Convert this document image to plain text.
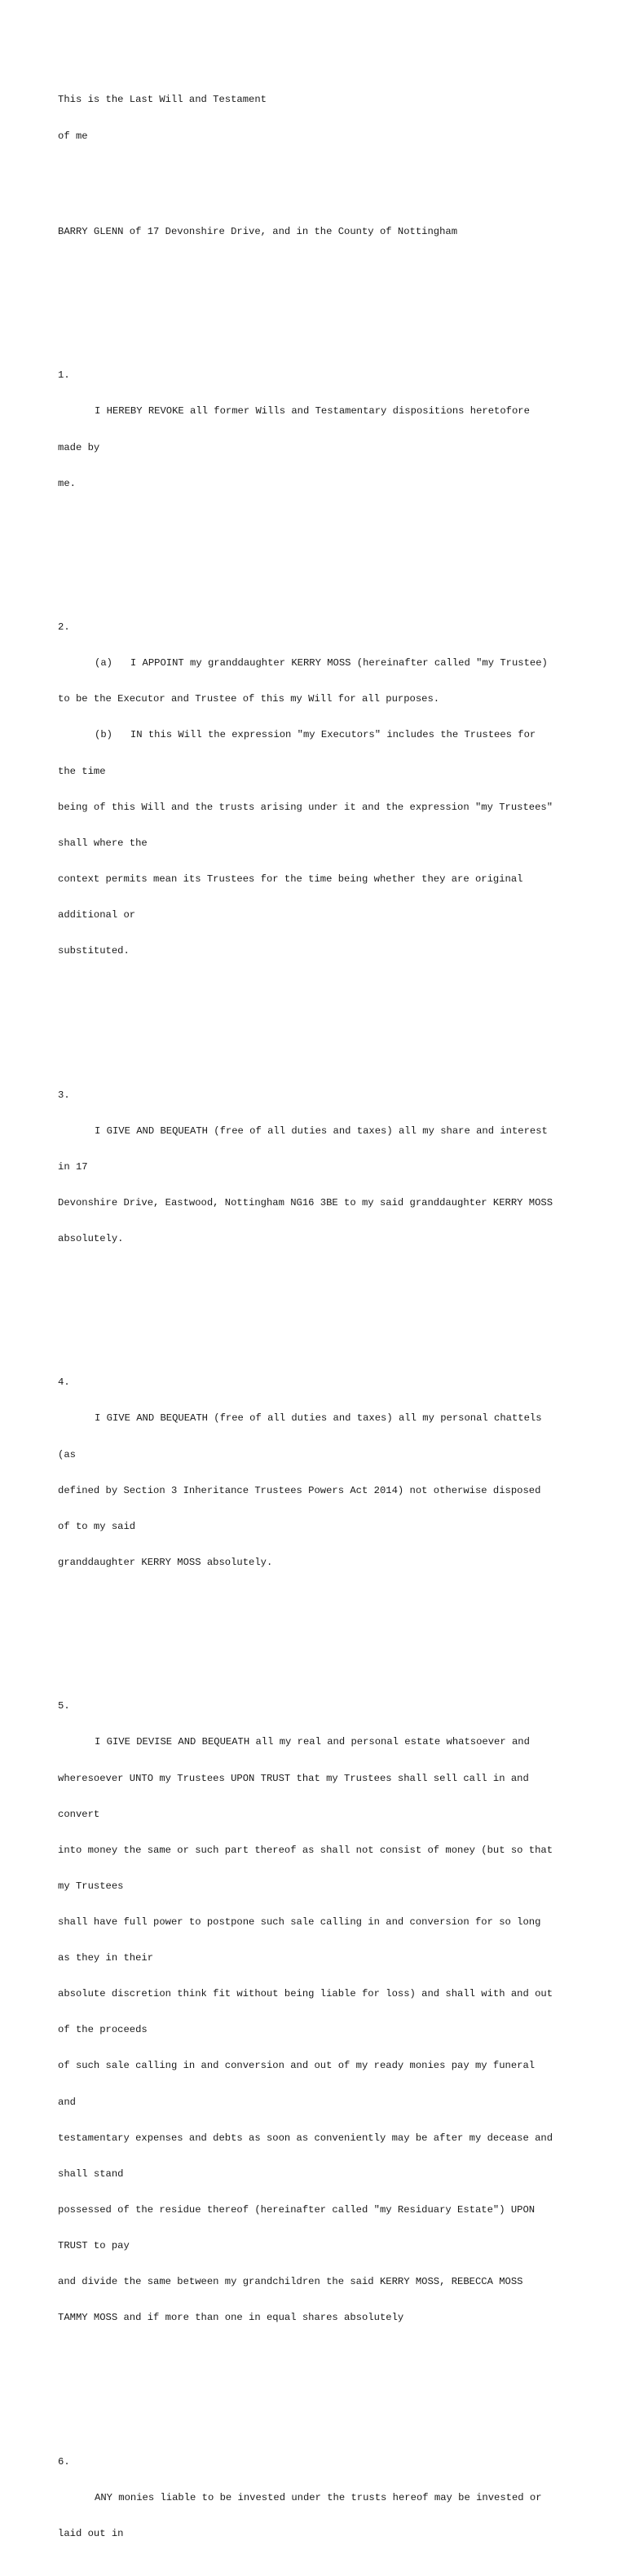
This is the Last Will and Testament

of me

BARRY GLENN of 17 Devonshire Drive, and in the County of Nottingham

1.

I HEREBY REVOKE all former Wills and Testamentary dispositions heretofore

made by

me.

2.

(a)   I APPOINT my granddaughter KERRY MOSS (hereinafter called "my Trustee)

to be the Executor and Trustee of this my Will for all purposes.

(b)   IN this Will the expression "my Executors" includes the Trustees for

the time

being of this Will and the trusts arising under it and the expression "my Trustees"

shall where the

context permits mean its Trustees for the time being whether they are original

additional or

substituted.

3.

I GIVE AND BEQUEATH (free of all duties and taxes) all my share and interest

in 17

Devonshire Drive, Eastwood, Nottingham NG16 3BE to my said granddaughter KERRY MOSS

absolutely.

4.

I GIVE AND BEQUEATH (free of all duties and taxes) all my personal chattels

(as

defined by Section 3 Inheritance Trustees Powers Act 2014) not otherwise disposed

of to my said

granddaughter KERRY MOSS absolutely.

5.

I GIVE DEVISE AND BEQUEATH all my real and personal estate whatsoever and

wheresoever UNTO my Trustees UPON TRUST that my Trustees shall sell call in and

convert

into money the same or such part thereof as shall not consist of money (but so that

my Trustees

shall have full power to postpone such sale calling in and conversion for so long

as they in their

absolute discretion think fit without being liable for loss) and shall with and out

of the proceeds

of such sale calling in and conversion and out of my ready monies pay my funeral

and

testamentary expenses and debts as soon as conveniently may be after my decease and

shall stand

possessed of the residue thereof (hereinafter called "my Residuary Estate") UPON

TRUST to pay

and divide the same between my grandchildren the said KERRY MOSS, REBECCA MOSS

TAMMY MOSS and if more than one in equal shares absolutely

6.

ANY monies liable to be invested under the trusts hereof may be invested or

laid out in
